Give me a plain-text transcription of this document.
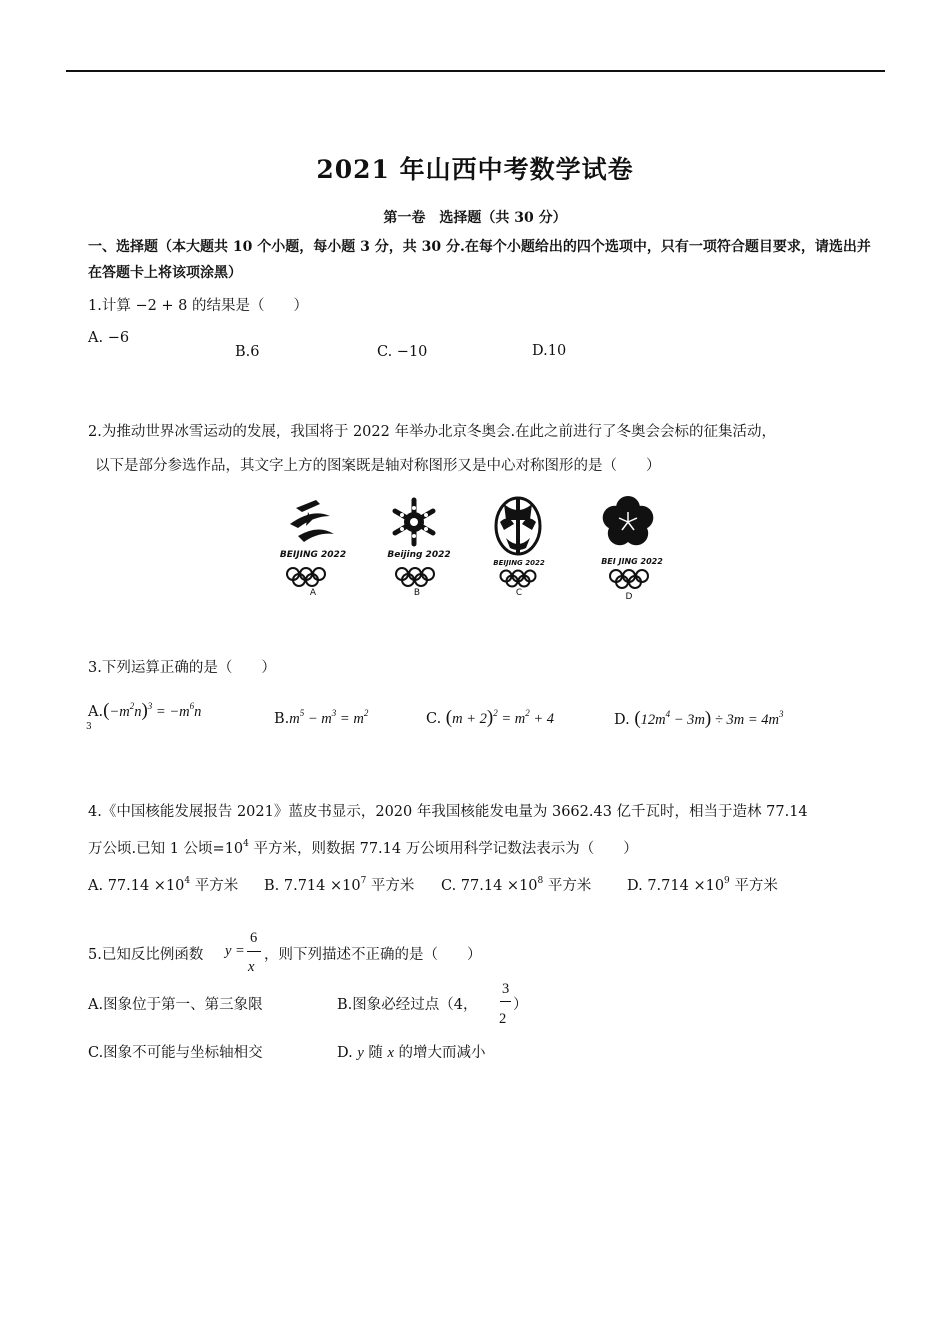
2021 年山西中考数学试卷
第一卷　选择题（共 30 分）
一、选择题（本大题共 10 个小题，每小题 3 分，共 30 分.在每个小题给出的四个选项中，只有一项符合题目要求，请选出并在答题卡上将该项涂黑）
1.计算 −2 + 8 的结果是（　　）
A. −6
B.6	C. −10	D.10
2.为推动世界冰雪运动的发展，我国将于 2022 年举办北京冬奥会.在此之前进行了冬奥会会标的征集活动，
以下是部分参选作品，其文字上方的图案既是轴对称图形又是中心对称图形的是（　　）
BEIJING 2022
A
Beijing 2022
B
BEIJING 2022
C
BEI JING 2022
D
3.下列运算正确的是（　　）
$A.(-m^2n)^3 = -m^6n$
3	$B.m^5 - m^3 = m^2$	C. $(m + 2)^2 = m^2 + 4$	D. $(12m^4 - 3m) \div 3m = 4m^3$
4.《中国核能发展报告 2021》蓝皮书显示，2020 年我国核能发电量为 3662.43 亿千瓦时，相当于造林 77.14
万公顷.已知 1 公顷$=10^4$ 平方米，则数据 77.14 万公顷用科学记数法表示为（　　）
A. $77.14 \times 10^4$ 平方米 B. $7.714 \times 10^7$ 平方米 C. $77.14 \times 10^8$ 平方米 D. $7.714 \times 10^9$ 平方米
5.已知反比例函数 y =
6
x
，则下列描述不正确的是（　　）
A.图象位于第一、第三象限	B.图象必经过点（4，
3
2
）
C.图象不可能与坐标轴相交	D. y 随 x 的增大而减小
